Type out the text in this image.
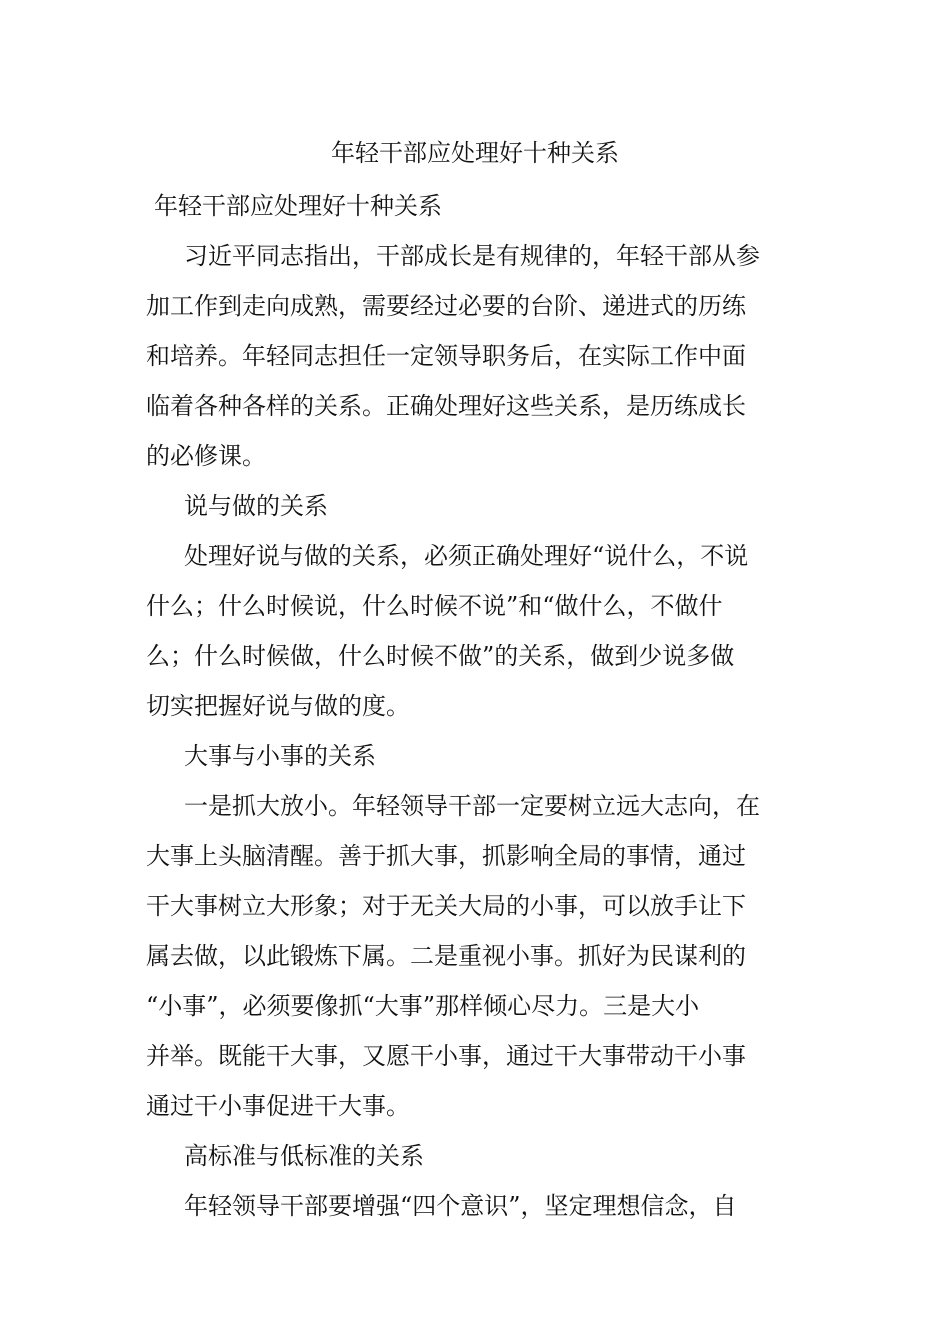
年轻干部应处理好十种关系

年轻干部应处理好十种关系

习近平同志指出，干部成长是有规律的，年轻干部从参

加工作到走向成熟，需要经过必要的台阶、递进式的历练

和培养。年轻同志担任一定领导职务后，在实际工作中面

临着各种各样的关系。正确处理好这些关系，是历练成长

的必修课。

说与做的关系

处理好说与做的关系，必须正确处理好“说什么，不说

什么；什么时候说，什么时候不说”和“做什么，不做什

么；什么时候做，什么时候不做”的关系，做到少说多做

切实把握好说与做的度。

大事与小事的关系

一是抓大放小。年轻领导干部一定要树立远大志向，在

大事上头脑清醒。善于抓大事，抓影响全局的事情，通过

干大事树立大形象；对于无关大局的小事，可以放手让下

属去做，以此锻炼下属。二是重视小事。抓好为民谋利的

“小事”，必须要像抓“大事”那样倾心尽力。三是大小

并举。既能干大事，又愿干小事，通过干大事带动干小事

通过干小事促进干大事。

高标准与低标准的关系

年轻领导干部要增强“四个意识”，坚定理想信念，自
